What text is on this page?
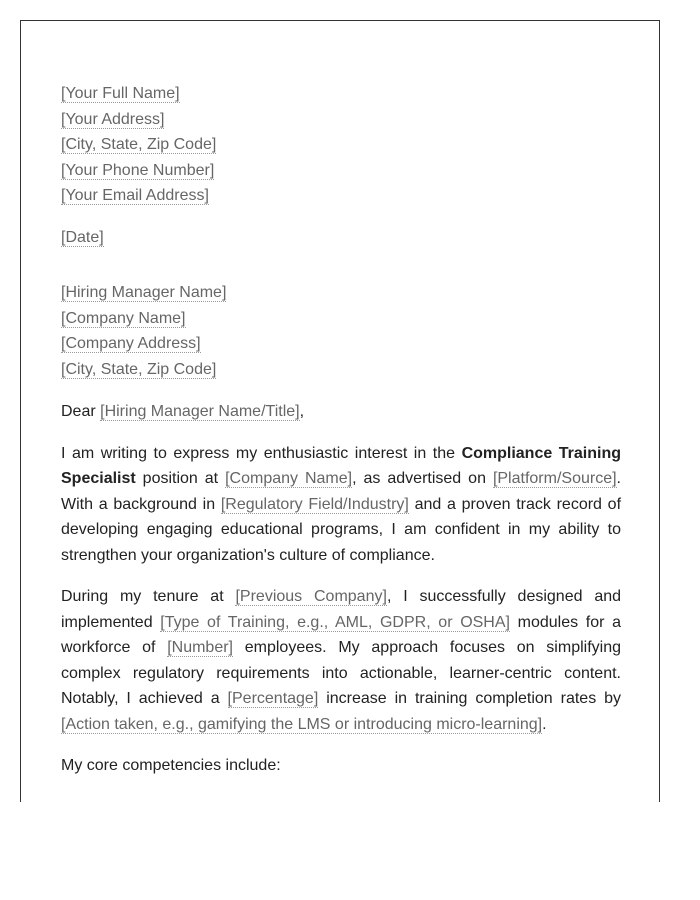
[Your Full Name]
[Your Address]
[City, State, Zip Code]
[Your Phone Number]
[Your Email Address]
[Date]
[Hiring Manager Name]
[Company Name]
[Company Address]
[City, State, Zip Code]

Dear [Hiring Manager Name/Title],

I am writing to express my enthusiastic interest in the Compliance Training Specialist position at [Company Name], as advertised on [Platform/Source]. With a background in [Regulatory Field/Industry] and a proven track record of developing engaging educational programs, I am confident in my ability to strengthen your organization's culture of compliance.

During my tenure at [Previous Company], I successfully designed and implemented [Type of Training, e.g., AML, GDPR, or OSHA] modules for a workforce of [Number] employees. My approach focuses on simplifying complex regulatory requirements into actionable, learner-centric content. Notably, I achieved a [Percentage] increase in training completion rates by [Action taken, e.g., gamifying the LMS or introducing micro-learning].

My core competencies include:
